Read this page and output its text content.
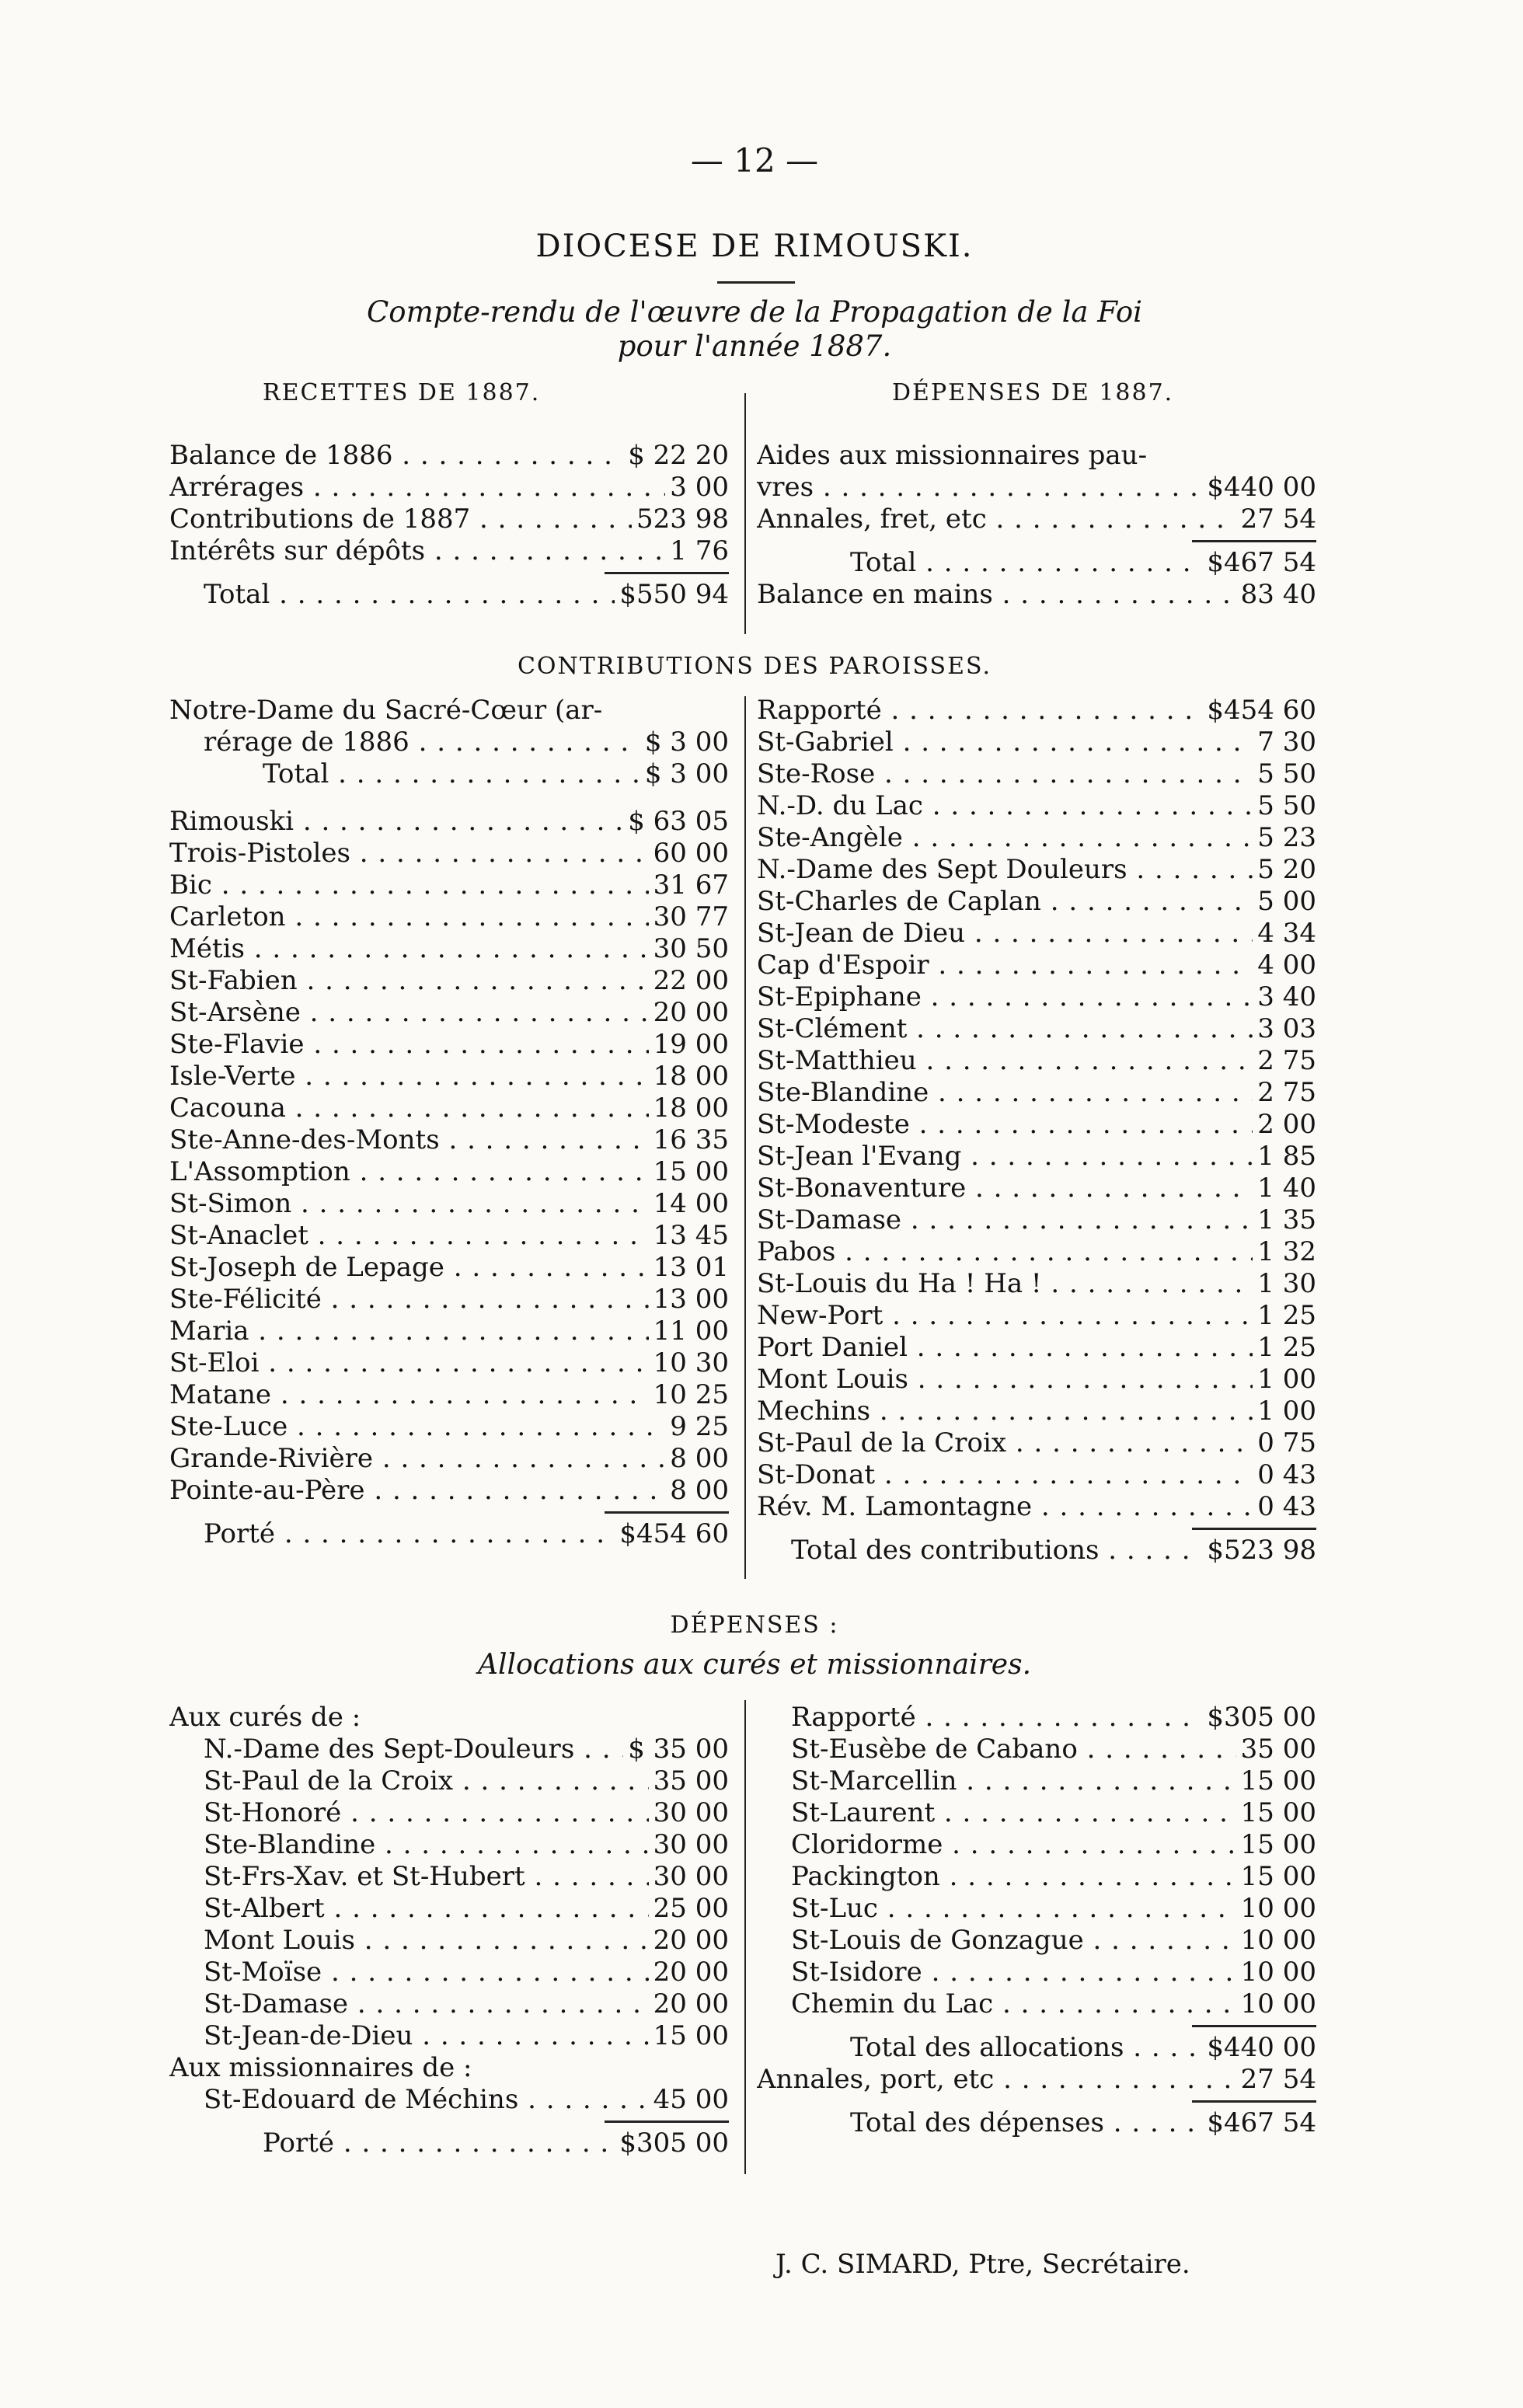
— 12 —
DIOCESE DE RIMOUSKI.
Compte-rendu de l'œuvre de la Propagation de la Foi
pour l'année 1887.
RECETTES DE 1887.	DÉPENSES DE 1887.
Balance de 1886 . . .	$ 22 20
Arrérages . . .	3 00
Contributions de 1887 . . .	523 98
Intérêts sur dépôts . . .	1 76
Total . . .	$550 94
Aides aux missionnaires pau-
vres . . .	$440 00
Annales, fret, etc . . .	27 54
Total . . .	$467 54
Balance en mains . . .	83 40
CONTRIBUTIONS DES PAROISSES.
Notre-Dame du Sacré-Cœur (ar-
rérage de 1886 . . .	$ 3 00
Total . . .	$ 3 00
Rimouski . . .	$ 63 05
Trois-Pistoles . . .	60 00
Bic . . .	31 67
Carleton . . .	30 77
Métis . . .	30 50
St-Fabien . . .	22 00
St-Arsène . . .	20 00
Ste-Flavie . . .	19 00
Isle-Verte . . .	18 00
Cacouna . . .	18 00
Ste-Anne-des-Monts . . .	16 35
L'Assomption . . .	15 00
St-Simon . . .	14 00
St-Anaclet . . .	13 45
St-Joseph de Lepage . . .	13 01
Ste-Félicité . . .	13 00
Maria . . .	11 00
St-Eloi . . .	10 30
Matane . . .	10 25
Ste-Luce . . .	9 25
Grande-Rivière . . .	8 00
Pointe-au-Père . . .	8 00
Porté . . .	$454 60
Rapporté . . .	$454 60
St-Gabriel . . .	7 30
Ste-Rose . . .	5 50
N.-D. du Lac . . .	5 50
Ste-Angèle . . .	5 23
N.-Dame des Sept Douleurs . . .	5 20
St-Charles de Caplan . . .	5 00
St-Jean de Dieu . . .	4 34
Cap d'Espoir . . .	4 00
St-Epiphane . . .	3 40
St-Clément . . .	3 03
St-Matthieu . . .	2 75
Ste-Blandine . . .	2 75
St-Modeste . . .	2 00
St-Jean l'Evang . . .	1 85
St-Bonaventure . . .	1 40
St-Damase . . .	1 35
Pabos . . .	1 32
St-Louis du Ha ! Ha ! . . .	1 30
New-Port . . .	1 25
Port Daniel . . .	1 25
Mont Louis . . .	1 00
Mechins . . .	1 00
St-Paul de la Croix . . .	0 75
St-Donat . . .	0 43
Rév. M. Lamontagne . . .	0 43
Total des contributions . . .	$523 98
DÉPENSES :
Allocations aux curés et missionnaires.
Aux curés de :
N.-Dame des Sept-Douleurs . . .	$ 35 00
St-Paul de la Croix . . .	35 00
St-Honoré . . .	30 00
Ste-Blandine . . .	30 00
St-Frs-Xav. et St-Hubert . . .	30 00
St-Albert . . .	25 00
Mont Louis . . .	20 00
St-Moïse . . .	20 00
St-Damase . . .	20 00
St-Jean-de-Dieu . . .	15 00
Aux missionnaires de :
St-Edouard de Méchins . . .	45 00
Porté . . .	$305 00
Rapporté . . .	$305 00
St-Eusèbe de Cabano . . .	35 00
St-Marcellin . . .	15 00
St-Laurent . . .	15 00
Cloridorme . . .	15 00
Packington . . .	15 00
St-Luc . . .	10 00
St-Louis de Gonzague . . .	10 00
St-Isidore . . .	10 00
Chemin du Lac . . .	10 00
Total des allocations . . .	$440 00
Annales, port, etc . . .	27 54
Total des dépenses . . .	$467 54
J. C. SIMARD, Ptre, Secrétaire.
